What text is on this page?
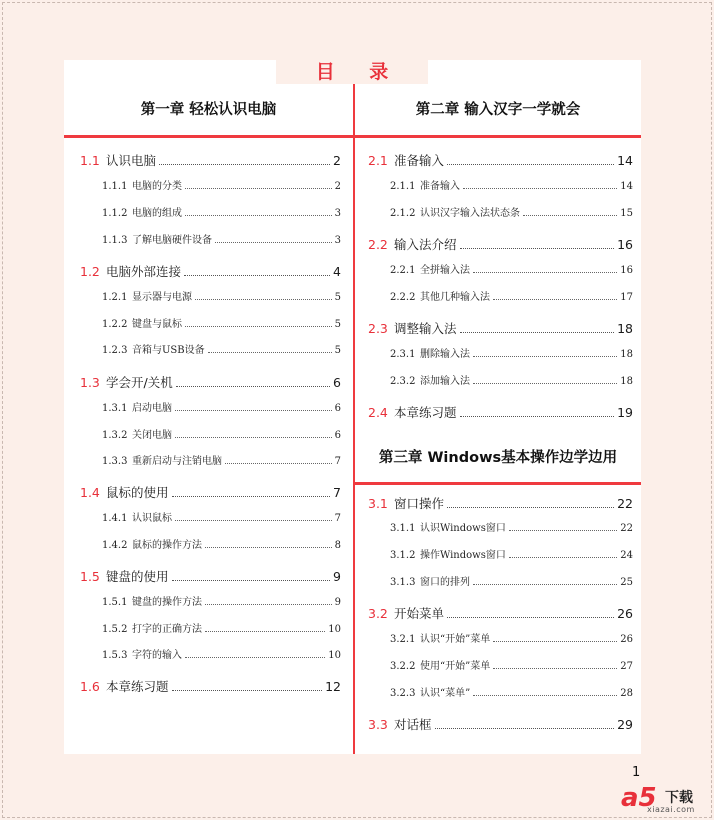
目 录
第一章 轻松认识电脑	第二章 输入汉字一学就会
第三章 Windows基本操作边学边用
1.1 认识电脑	2
1.1.1 电脑的分类	2
1.1.2 电脑的组成	3
1.1.3 了解电脑硬件设备	3
1.2 电脑外部连接	4
1.2.1 显示器与电源	5
1.2.2 键盘与鼠标	5
1.2.3 音箱与USB设备	5
1.3 学会开/关机	6
1.3.1 启动电脑	6
1.3.2 关闭电脑	6
1.3.3 重新启动与注销电脑	7
1.4 鼠标的使用	7
1.4.1 认识鼠标	7
1.4.2 鼠标的操作方法	8
1.5 键盘的使用	9
1.5.1 键盘的操作方法	9
1.5.2 打字的正确方法	10
1.5.3 字符的输入	10
1.6 本章练习题	12
2.1 准备输入	14
2.1.1 准备输入	14
2.1.2 认识汉字输入法状态条	15
2.2 输入法介绍	16
2.2.1 全拼输入法	16
2.2.2 其他几种输入法	17
2.3 调整输入法	18
2.3.1 删除输入法	18
2.3.2 添加输入法	18
2.4 本章练习题	19
3.1 窗口操作	22
3.1.1 认识Windows窗口	22
3.1.2 操作Windows窗口	24
3.1.3 窗口的排列	25
3.2 开始菜单	26
3.2.1 认识“开始”菜单	26
3.2.2 使用“开始”菜单	27
3.2.3 认识“菜单”	28
3.3 对话框	29
1
a5 下载
xiazai.com
